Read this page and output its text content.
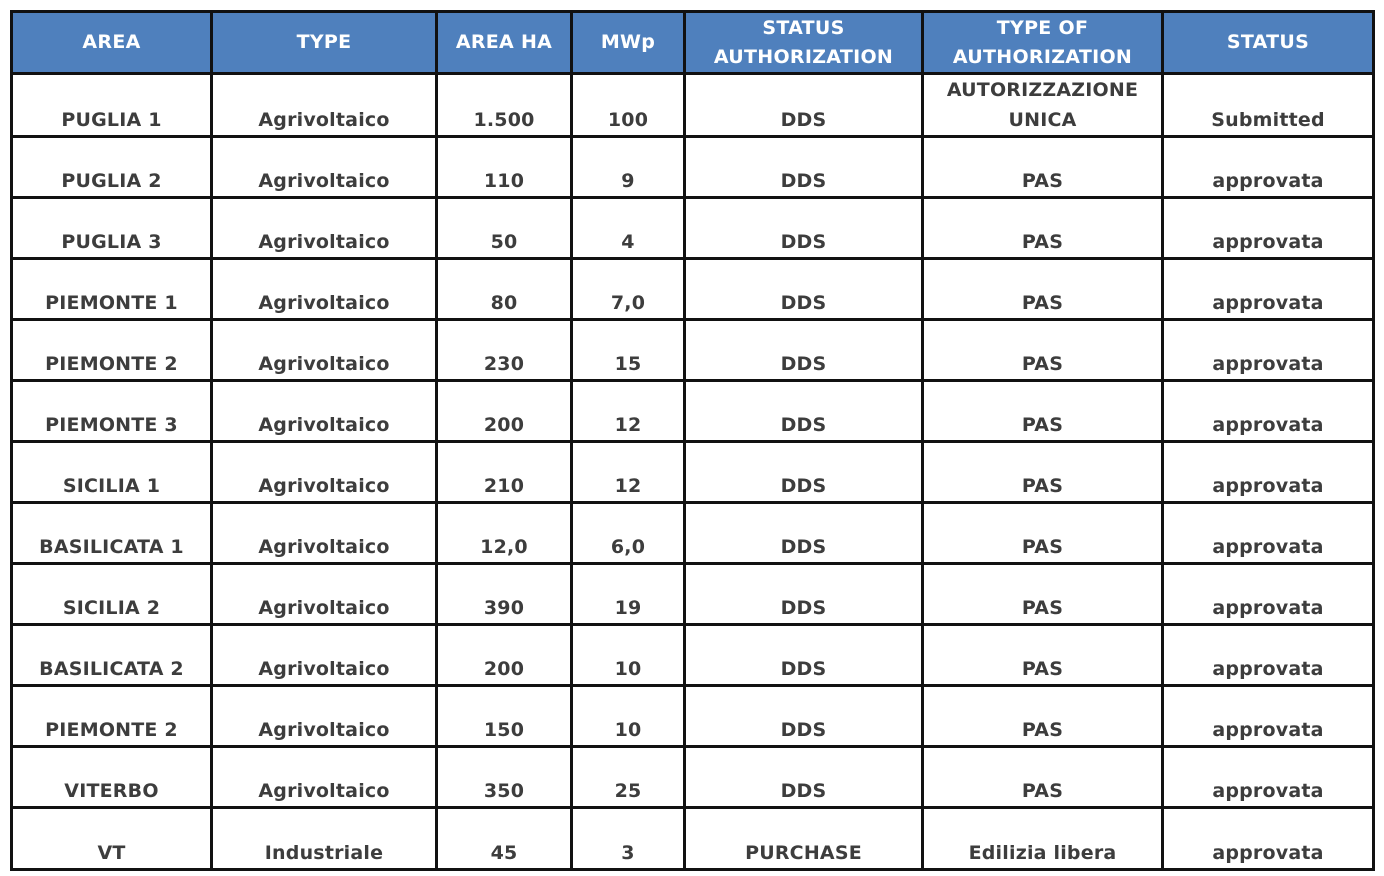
AREA	TYPE	AREA HA	MWp	STATUS AUTHORIZATION	TYPE OF AUTHORIZATION	STATUS
PUGLIA 1	Agrivoltaico	1.500	100	DDS	AUTORIZZAZIONE UNICA	Submitted
PUGLIA 2	Agrivoltaico	110	9	DDS	PAS	approvata
PUGLIA 3	Agrivoltaico	50	4	DDS	PAS	approvata
PIEMONTE 1	Agrivoltaico	80	7,0	DDS	PAS	approvata
PIEMONTE 2	Agrivoltaico	230	15	DDS	PAS	approvata
PIEMONTE 3	Agrivoltaico	200	12	DDS	PAS	approvata
SICILIA 1	Agrivoltaico	210	12	DDS	PAS	approvata
BASILICATA 1	Agrivoltaico	12,0	6,0	DDS	PAS	approvata
SICILIA 2	Agrivoltaico	390	19	DDS	PAS	approvata
BASILICATA 2	Agrivoltaico	200	10	DDS	PAS	approvata
PIEMONTE 2	Agrivoltaico	150	10	DDS	PAS	approvata
VITERBO	Agrivoltaico	350	25	DDS	PAS	approvata
VT	Industriale	45	3	PURCHASE	Edilizia libera	approvata
